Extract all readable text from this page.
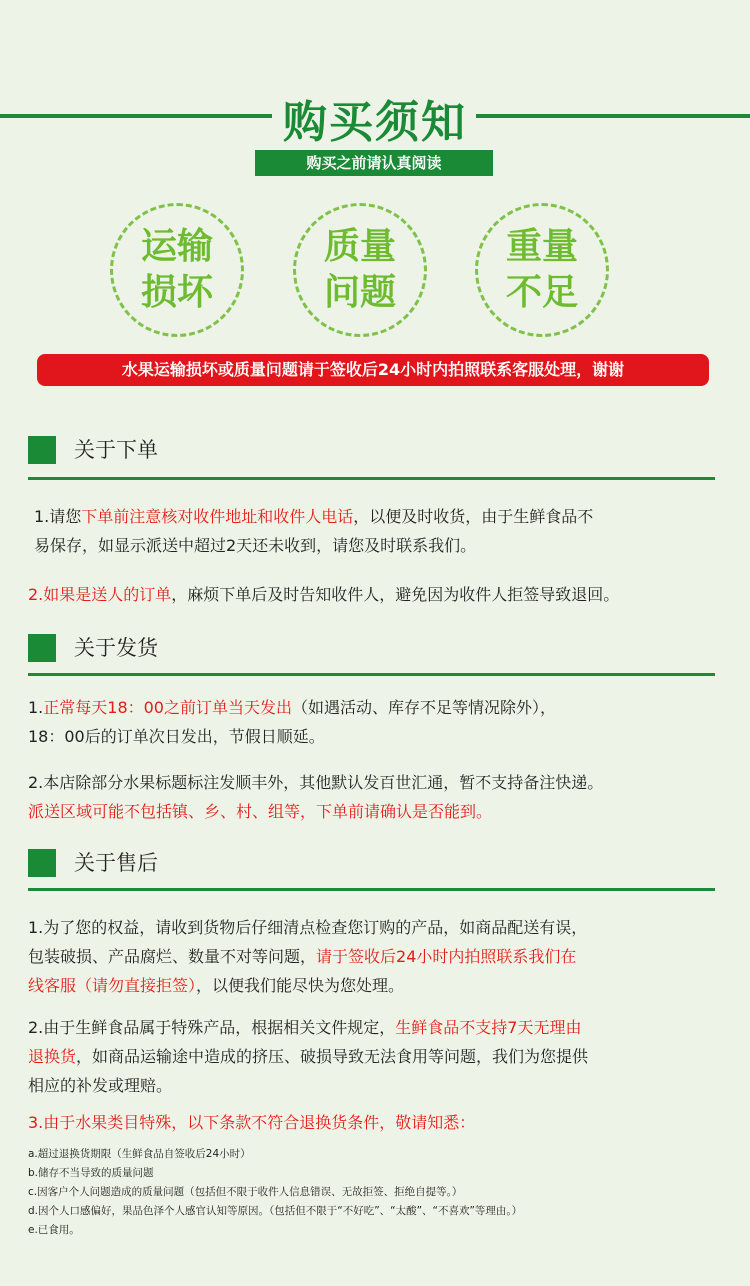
购买须知
购买之前请认真阅读
运输
损坏
质量
问题
重量
不足
水果运输损坏或质量问题请于签收后24小时内拍照联系客服处理，谢谢
关于下单
1.请您下单前注意核对收件地址和收件人电话，以便及时收货，由于生鲜食品不
易保存，如显示派送中超过2天还未收到，请您及时联系我们。
2.如果是送人的订单，麻烦下单后及时告知收件人，避免因为收件人拒签导致退回。
关于发货
1.正常每天18：00之前订单当天发出（如遇活动、库存不足等情况除外），
18：00后的订单次日发出，节假日顺延。
2.本店除部分水果标题标注发顺丰外，其他默认发百世汇通，暂不支持备注快递。
派送区域可能不包括镇、乡、村、组等，下单前请确认是否能到。
关于售后
1.为了您的权益，请收到货物后仔细清点检查您订购的产品，如商品配送有误，
包装破损、产品腐烂、数量不对等问题，请于签收后24小时内拍照联系我们在
线客服（请勿直接拒签），以便我们能尽快为您处理。
2.由于生鲜食品属于特殊产品，根据相关文件规定，生鲜食品不支持7天无理由
退换货，如商品运输途中造成的挤压、破损导致无法食用等问题，我们为您提供
相应的补发或理赔。
3.由于水果类目特殊，以下条款不符合退换货条件，敬请知悉：
a.超过退换货期限（生鲜食品自签收后24小时）
b.储存不当导致的质量问题
c.因客户个人问题造成的质量问题（包括但不限于收件人信息错误、无故拒签、拒绝自提等。）
d.因个人口感偏好，果品色泽个人感官认知等原因。（包括但不限于“不好吃”、“太酸”、“不喜欢”等理由。）
e.已食用。
